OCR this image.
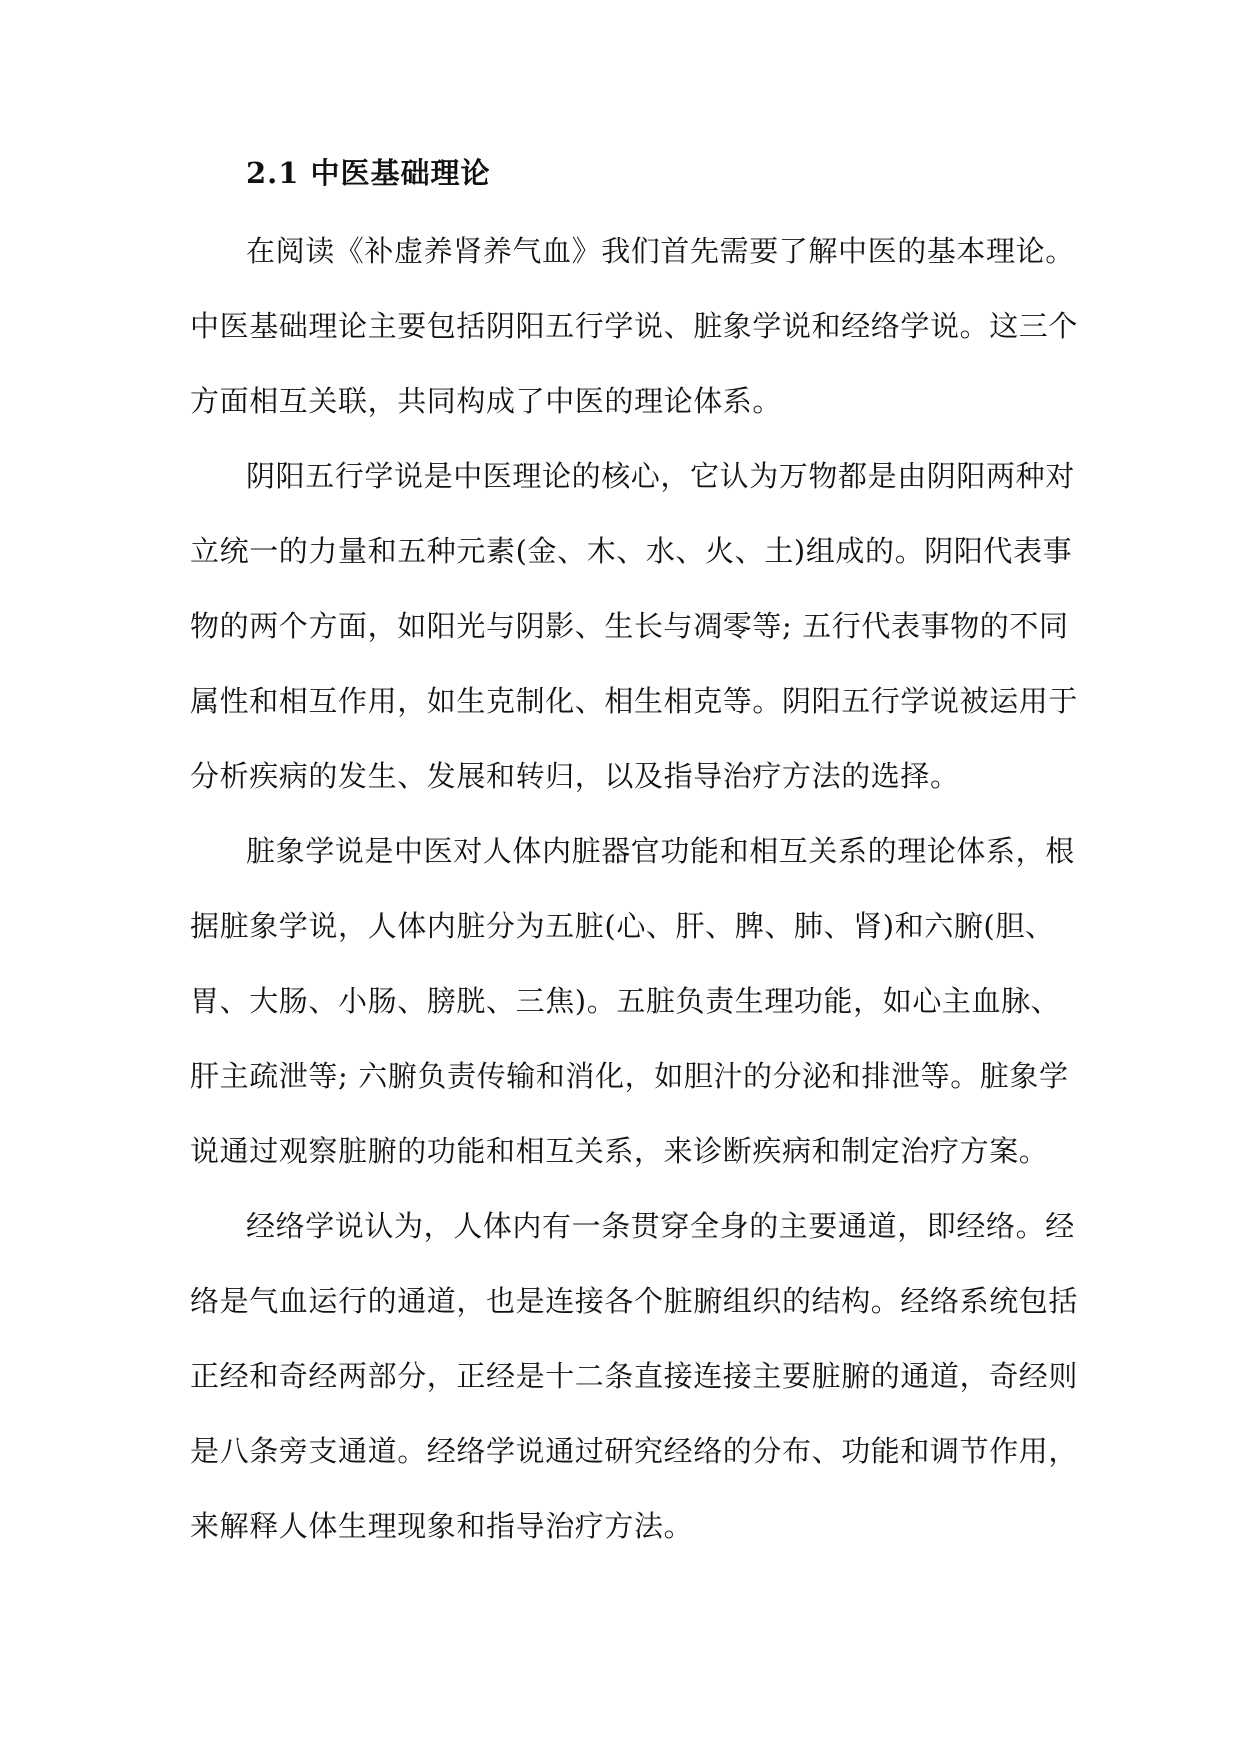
2.1 中医基础理论

在阅读《补虚养肾养气血》我们首先需要了解中医的基本理论。

中医基础理论主要包括阴阳五行学说、脏象学说和经络学说。这三个

方面相互关联，共同构成了中医的理论体系。

阴阳五行学说是中医理论的核心，它认为万物都是由阴阳两种对

立统一的力量和五种元素(金、木、水、火、土)组成的。阴阳代表事

物的两个方面，如阳光与阴影、生长与凋零等; 五行代表事物的不同

属性和相互作用，如生克制化、相生相克等。阴阳五行学说被运用于

分析疾病的发生、发展和转归，以及指导治疗方法的选择。

脏象学说是中医对人体内脏器官功能和相互关系的理论体系，根

据脏象学说，人体内脏分为五脏(心、肝、脾、肺、肾)和六腑(胆、

胃、大肠、小肠、膀胱、三焦)。五脏负责生理功能，如心主血脉、

肝主疏泄等; 六腑负责传输和消化，如胆汁的分泌和排泄等。脏象学

说通过观察脏腑的功能和相互关系，来诊断疾病和制定治疗方案。

经络学说认为，人体内有一条贯穿全身的主要通道，即经络。经

络是气血运行的通道，也是连接各个脏腑组织的结构。经络系统包括

正经和奇经两部分，正经是十二条直接连接主要脏腑的通道，奇经则

是八条旁支通道。经络学说通过研究经络的分布、功能和调节作用，

来解释人体生理现象和指导治疗方法。
